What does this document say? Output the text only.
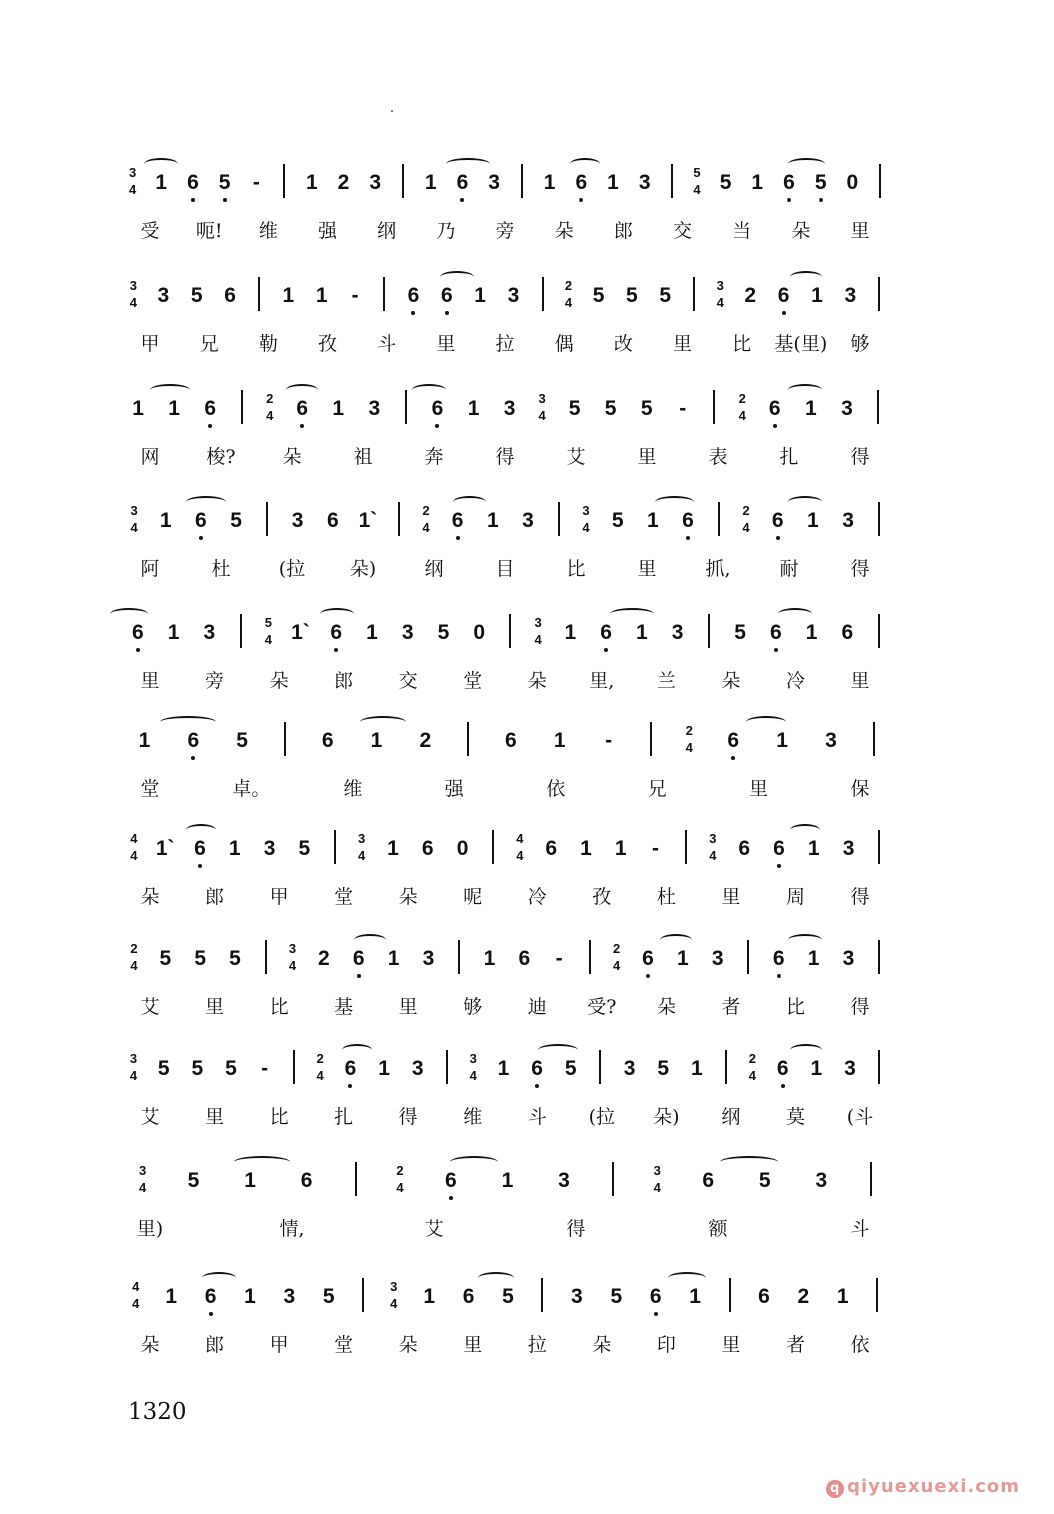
3
4 1 6 5 - 1 2 3 1 6 3 1 6 1 3	5
4 5 1 6 5 0
受 呃! 维 强 纲 乃 旁 朵 郎 交 当 朵 里
3
4 3 5 6 1 1 - 6 6 1 3	2
4 5 5 5	3
4 2 6 1 3
甲 兄 勒 孜 斗 里 拉 偶 改 里 比 基(里) 够
1 1 6	2
4 6 1 3 6 1 3 3
4 5 5 5 -	2
4 6 1 3
网 梭? 朵	祖	奔	得	艾	里	表	扎	得
3
4 1 6 5 3 6 1`	2
4 6 1 3	3
4 5 1 6	2
4 6 1 3
阿	杜	(拉 朵)	纲	目	比	里	抓,	耐	得
6 1 3	5
4 1` 6 1 3 5 0	3
4 1 6 1 3 5 6 1 6
里 旁 朵 郎 交 堂 朵 里, 兰 朵 冷 里
1 6 5	6 1 2	6 1 -	2
4 6 1 3
堂	卓。	维	强	依	兄	里	保
4
4 1` 6 1 3 5	3
4 1 6 0	4
4 6 1 1 -	3
4 6 6 1 3
朵 郎 甲 堂 朵 呢 冷 孜 杜 里 周 得
2
4 5 5 5	3
4 2 6 1 3 1 6 -	2
4 6 1 3 6 1 3
艾 里 比 基 里 够 迪 受? 朵 者 比 得
3
4 5 5 5 -	2
4 6 1 3	3
4 1 6 5 3 5 1	2
4 6 1 3
艾 里 比 扎 得 维 斗 (拉 朵) 纲 莫 (斗
3
4 5 1 6	2
4 6 1 3	3
4 6 5 3
里)	情,	艾	得	额	斗
4
4 1 6 1 3 5	3
4 1 6 5	3 5 6 1	6 2 1
朵 郎 甲 堂 朵 里 拉 朵 印 里 者 依
1320
q qiyuexuexi.com
